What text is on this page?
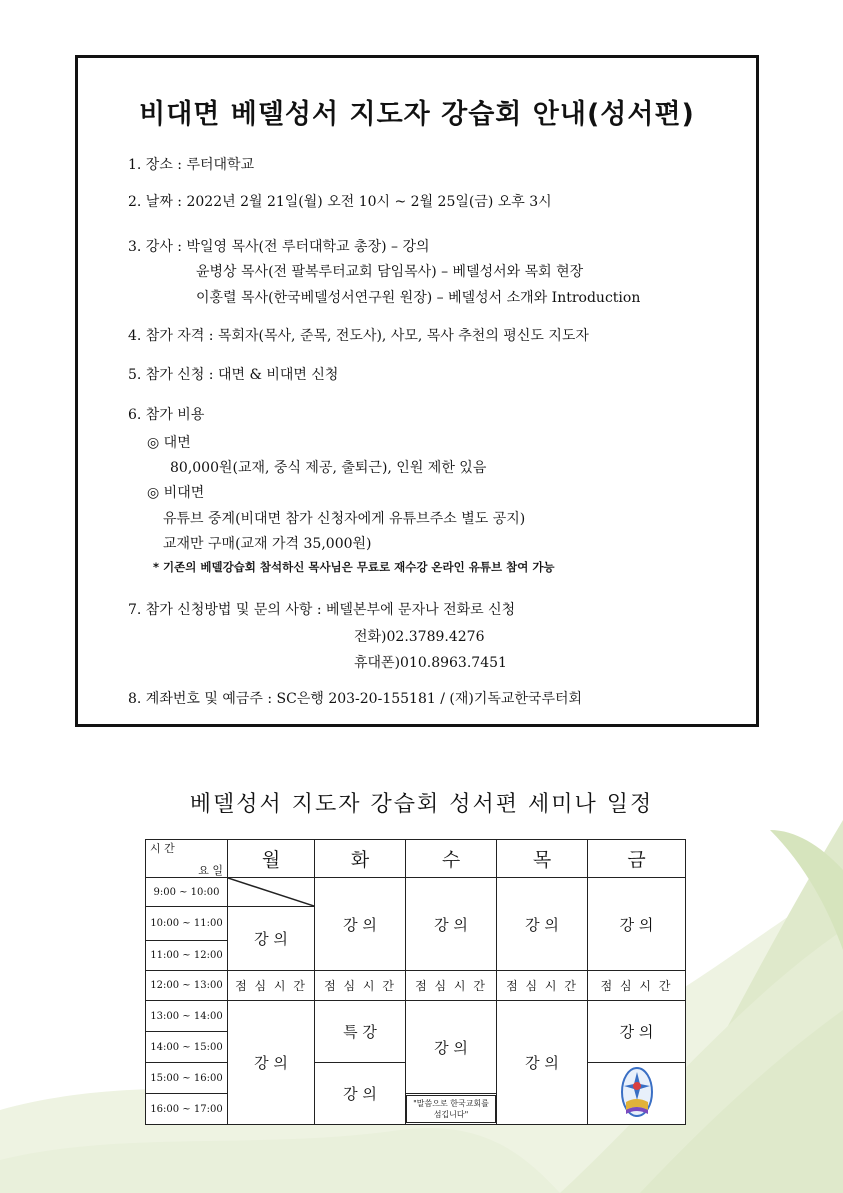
비대면 베델성서 지도자 강습회 안내(성서편)
1. 장소 : 루터대학교
2. 날짜 : 2022년 2월 21일(월) 오전 10시 ~ 2월 25일(금) 오후 3시
3. 강사 : 박일영 목사(전 루터대학교 총장) – 강의
윤병상 목사(전 팔복루터교회 담임목사) – 베델성서와 목회 현장
이홍렬 목사(한국베델성서연구원 원장) – 베델성서 소개와 Introduction
4. 참가 자격 : 목회자(목사, 준목, 전도사), 사모, 목사 추천의 평신도 지도자
5. 참가 신청 : 대면 & 비대면 신청
6. 참가 비용
◎ 대면
80,000원(교재, 중식 제공, 출퇴근), 인원 제한 있음
◎ 비대면
유튜브 중계(비대면 참가 신청자에게 유튜브주소 별도 공지)
교재만 구매(교재 가격 35,000원)
* 기존의 베델강습회 참석하신 목사님은 무료로 재수강 온라인 유튜브 참여 가능
7. 참가 신청방법 및 문의 사항 : 베델본부에 문자나 전화로 신청
전화)02.3789.4276
휴대폰)010.8963.7451
8. 계좌번호 및 예금주 : SC은행 203-20-155181 / (재)기독교한국루터회
베델성서 지도자 강습회 성서편 세미나 일정
요 일
시 간	월	화	수	목	금
9:00 ~ 10:00		강 의	강 의	강 의	강 의
10:00 ~ 11:00	강 의				
11:00 ~ 12:00					
12:00 ~ 13:00	점 심 시 간	점 심 시 간	점 심 시 간	점 심 시 간	점 심 시 간
13:00 ~ 14:00	강 의	특 강	강 의	강 의	강 의
14:00 ~ 15:00					
15:00 ~ 16:00		강 의	
16:00 ~ 17:00			"말씀으로 한국교회를 섬깁니다"		
